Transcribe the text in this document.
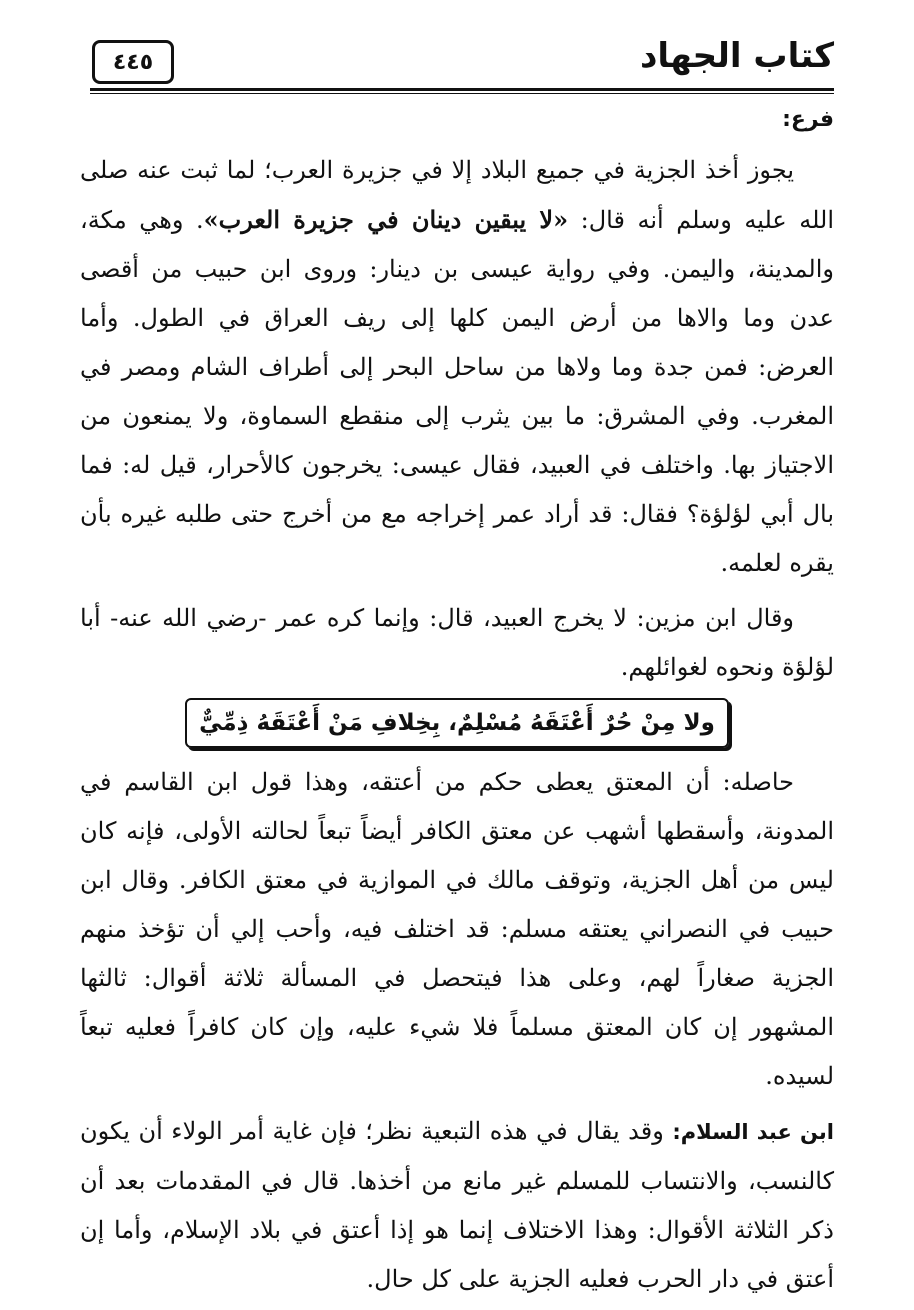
كتاب الجهاد
٤٤٥

فرع:

يجوز أخذ الجزية في جميع البلاد إلا في جزيرة العرب؛ لما ثبت عنه صلى الله عليه وسلم أنه قال: «لا يبقين دينان في جزيرة العرب». وهي مكة، والمدينة، واليمن. وفي رواية عيسى بن دينار: وروى ابن حبيب من أقصى عدن وما والاها من أرض اليمن كلها إلى ريف العراق في الطول. وأما العرض: فمن جدة وما ولاها من ساحل البحر إلى أطراف الشام ومصر في المغرب. وفي المشرق: ما بين يثرب إلى منقطع السماوة، ولا يمنعون من الاجتياز بها. واختلف في العبيد، فقال عيسى: يخرجون كالأحرار، قيل له: فما بال أبي لؤلؤة؟ فقال: قد أراد عمر إخراجه مع من أخرج حتى طلبه غيره بأن يقره لعلمه.

وقال ابن مزين: لا يخرج العبيد، قال: وإنما كره عمر -رضي الله عنه- أبا لؤلؤة ونحوه لغوائلهم.

ولا مِنْ حُرٌ أَعْتَقَهُ مُسْلِمٌ، بِخِلافِ مَنْ أَعْتَقَهُ ذِمِّيٌّ

حاصله: أن المعتق يعطى حكم من أعتقه، وهذا قول ابن القاسم في المدونة، وأسقطها أشهب عن معتق الكافر أيضاً تبعاً لحالته الأولى، فإنه كان ليس من أهل الجزية، وتوقف مالك في الموازية في معتق الكافر. وقال ابن حبيب في النصراني يعتقه مسلم: قد اختلف فيه، وأحب إلي أن تؤخذ منهم الجزية صغاراً لهم، وعلى هذا فيتحصل في المسألة ثلاثة أقوال: ثالثها المشهور إن كان المعتق مسلماً فلا شيء عليه، وإن كان كافراً فعليه تبعاً لسيده.

ابن عبد السلام: وقد يقال في هذه التبعية نظر؛ فإن غاية أمر الولاء أن يكون كالنسب، والانتساب للمسلم غير مانع من أخذها. قال في المقدمات بعد أن ذكر الثلاثة الأقوال: وهذا الاختلاف إنما هو إذا أعتق في بلاد الإسلام، وأما إن أعتق في دار الحرب فعليه الجزية على كل حال.
